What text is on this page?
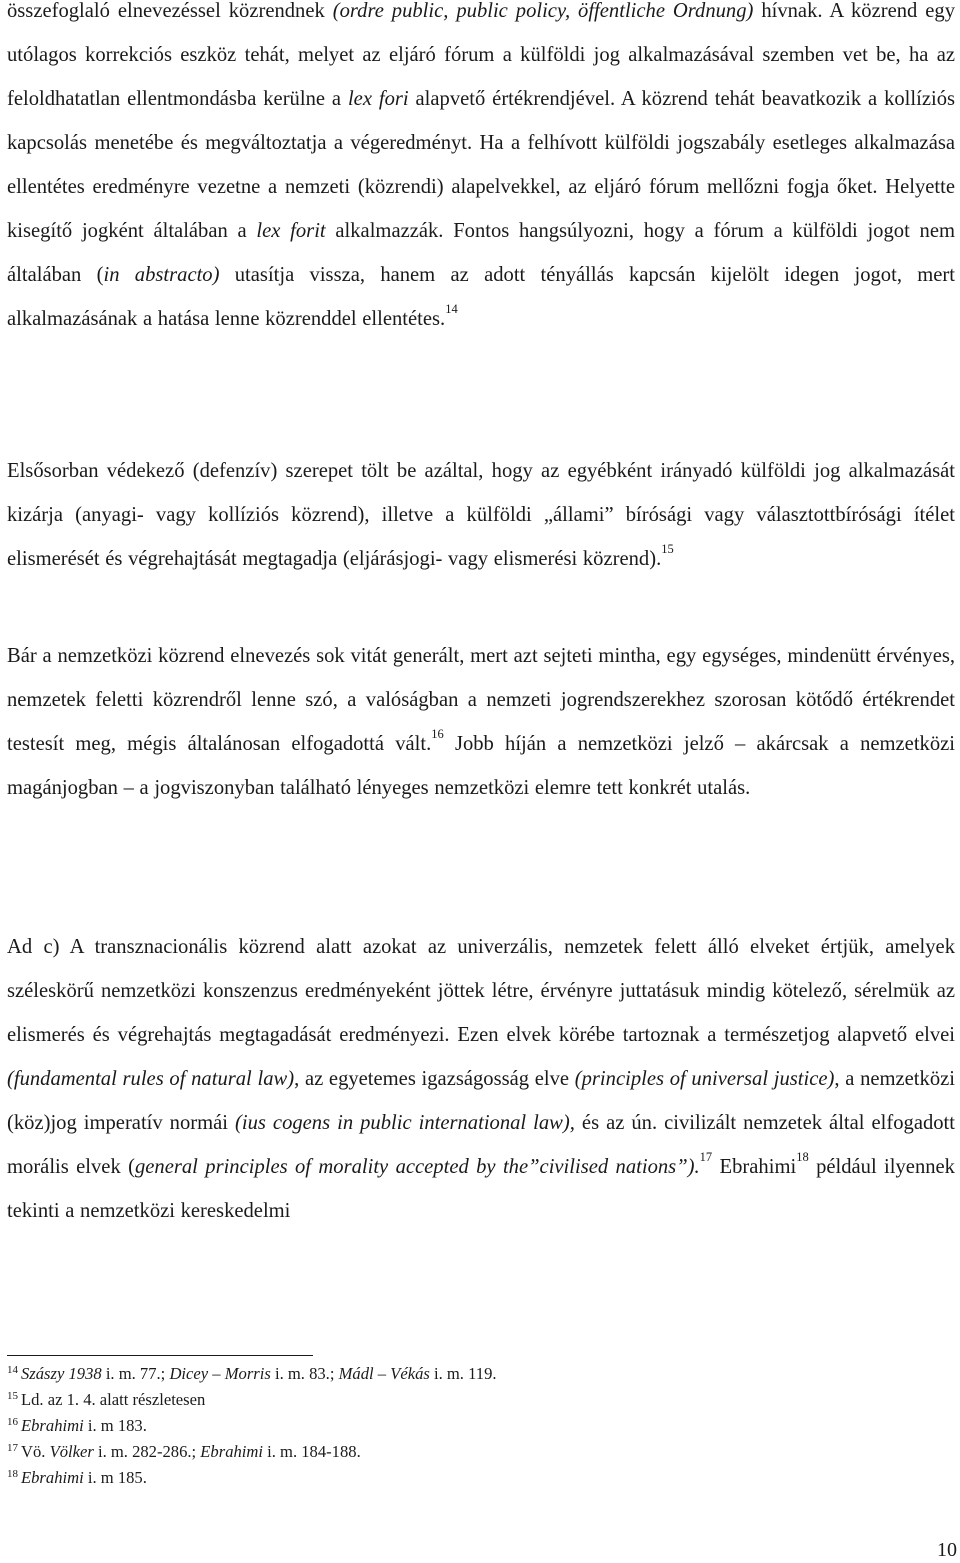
összefoglaló elnevezéssel közrendnek (ordre public, public policy, öffentliche Ordnung) hívnak. A közrend egy utólagos korrekciós eszköz tehát, melyet az eljáró fórum a külföldi jog alkalmazásával szemben vet be, ha az feloldhatatlan ellentmondásba kerülne a lex fori alapvető értékrendjével. A közrend tehát beavatkozik a kollíziós kapcsolás menetébe és megváltoztatja a végeredményt. Ha a felhívott külföldi jogszabály esetleges alkalmazása ellentétes eredményre vezetne a nemzeti (közrendi) alapelvekkel, az eljáró fórum mellőzni fogja őket. Helyette kisegítő jogként általában a lex forit alkalmazzák. Fontos hangsúlyozni, hogy a fórum a külföldi jogot nem általában (in abstracto) utasítja vissza, hanem az adott tényállás kapcsán kijelölt idegen jogot, mert alkalmazásának a hatása lenne közrenddel ellentétes.$^{14}$

Elsősorban védekező (defenzív) szerepet tölt be azáltal, hogy az egyébként irányadó külföldi jog alkalmazását kizárja (anyagi- vagy kollíziós közrend), illetve a külföldi „állami” bírósági vagy választottbírósági ítélet elismerését és végrehajtását megtagadja (eljárásjogi- vagy elismerési közrend).$^{15}$

Bár a nemzetközi közrend elnevezés sok vitát generált, mert azt sejteti mintha, egy egységes, mindenütt érvényes, nemzetek feletti közrendről lenne szó, a valóságban a nemzeti jogrendszerekhez szorosan kötődő értékrendet testesít meg, mégis általánosan elfogadottá vált.$^{16}$ Jobb híján a nemzetközi jelző – akárcsak a nemzetközi magánjogban – a jogviszonyban található lényeges nemzetközi elemre tett konkrét utalás.

Ad c) A transznacionális közrend alatt azokat az univerzális, nemzetek felett álló elveket értjük, amelyek széleskörű nemzetközi konszenzus eredményeként jöttek létre, érvényre juttatásuk mindig kötelező, sérelmük az elismerés és végrehajtás megtagadását eredményezi. Ezen elvek körébe tartoznak a természetjog alapvető elvei (fundamental rules of natural law), az egyetemes igazságosság elve (principles of universal justice), a nemzetközi (köz)jog imperatív normái (ius cogens in public international law), és az ún. civilizált nemzetek által elfogadott morális elvek (general principles of morality accepted by the”civilised nations”).$^{17}$ Ebrahimi$^{18}$ például ilyennek tekinti a nemzetközi kereskedelmi

$^{14}$ Szászy 1938 i. m. 77.; Dicey – Morris i. m. 83.; Mádl – Vékás i. m. 119.

$^{15}$ Ld. az 1. 4. alatt részletesen

$^{16}$ Ebrahimi i. m 183.

$^{17}$ Vö. Völker i. m. 282-286.; Ebrahimi i. m. 184-188.

$^{18}$ Ebrahimi i. m 185.

10
